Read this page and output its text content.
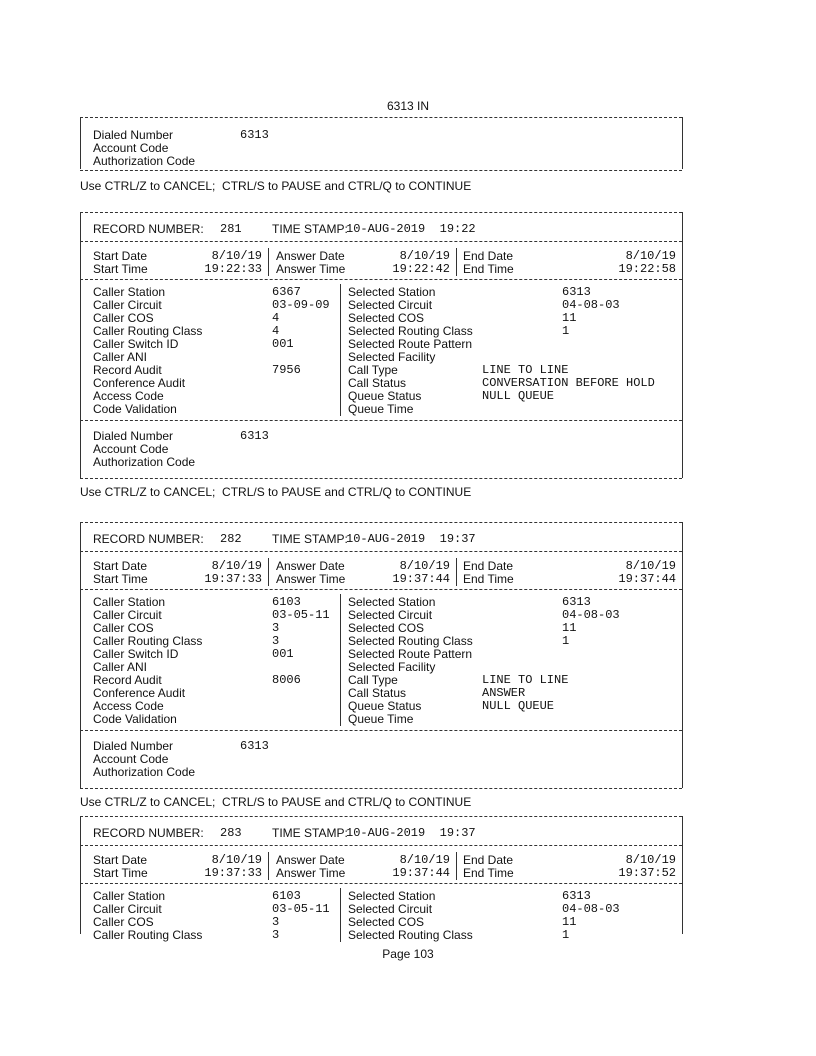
6313 IN
Dialed Number	6313
Account Code
Authorization Code
Use CTRL/Z to CANCEL;  CTRL/S to PAUSE and CTRL/Q to CONTINUE
RECORD NUMBER: 281	TIME STAMP:
10-AUG-2019  19:22
Start Date	8/10/19
Start Time	19:22:33
Answer Date	8/10/19
Answer Time	19:22:42
End Date	8/10/19
End Time	19:22:58
Caller Station	6367
Caller Circuit	03-09-09
Caller COS	4
Caller Routing Class	4
Caller Switch ID	001
Caller ANI
Record Audit	7956
Conference Audit
Access Code
Code Validation
Selected Station	6313
Selected Circuit	04-08-03
Selected COS	11
Selected Routing Class	1
Selected Route Pattern
Selected Facility
Call Type	LINE TO LINE
Call Status	CONVERSATION BEFORE HOLD
Queue Status	NULL QUEUE
Queue Time
Dialed Number	6313
Account Code
Authorization Code
Use CTRL/Z to CANCEL;  CTRL/S to PAUSE and CTRL/Q to CONTINUE
RECORD NUMBER: 282	TIME STAMP:
10-AUG-2019  19:37
Start Date	8/10/19
Start Time	19:37:33
Answer Date	8/10/19
Answer Time	19:37:44
End Date	8/10/19
End Time	19:37:44
Caller Station	6103
Caller Circuit	03-05-11
Caller COS	3
Caller Routing Class	3
Caller Switch ID	001
Caller ANI
Record Audit	8006
Conference Audit
Access Code
Code Validation
Selected Station	6313
Selected Circuit	04-08-03
Selected COS	11
Selected Routing Class	1
Selected Route Pattern
Selected Facility
Call Type	LINE TO LINE
Call Status	ANSWER
Queue Status	NULL QUEUE
Queue Time
Dialed Number	6313
Account Code
Authorization Code
Use CTRL/Z to CANCEL;  CTRL/S to PAUSE and CTRL/Q to CONTINUE
RECORD NUMBER: 283	TIME STAMP:
10-AUG-2019  19:37
Start Date	8/10/19
Start Time	19:37:33
Answer Date	8/10/19
Answer Time	19:37:44
End Date	8/10/19
End Time	19:37:52
Caller Station	6103
Caller Circuit	03-05-11
Caller COS	3
Caller Routing Class	3
Selected Station	6313
Selected Circuit	04-08-03
Selected COS	11
Selected Routing Class	1
Page 103
